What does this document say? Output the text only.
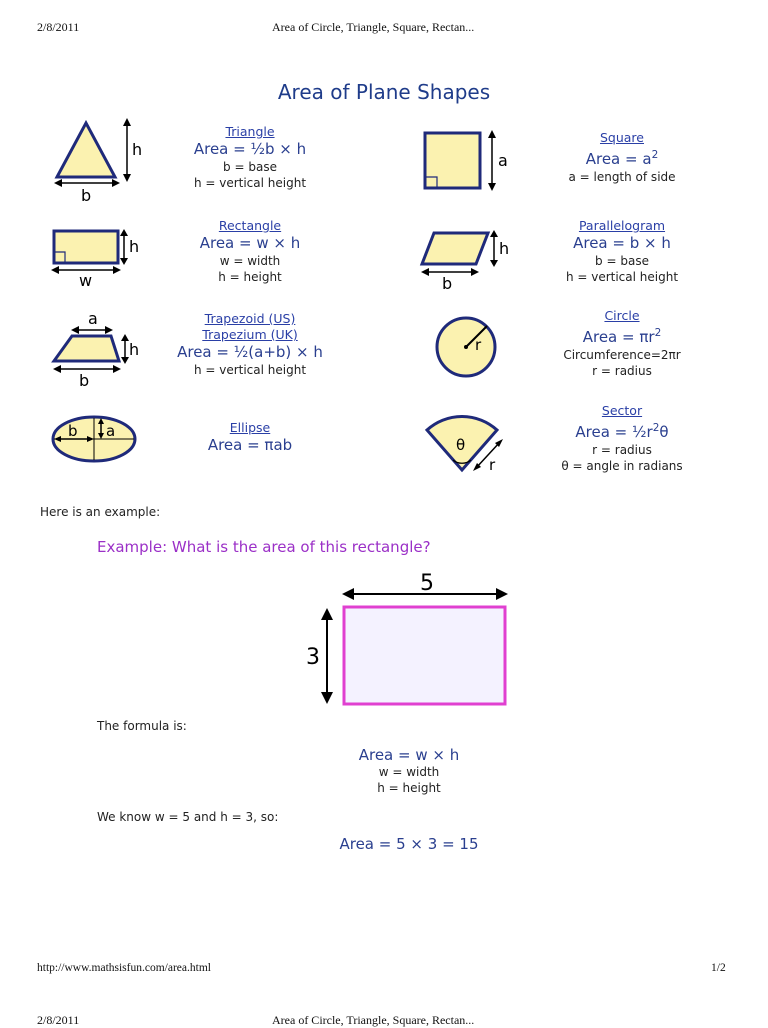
2/8/2011	Area of Circle, Triangle, Square, Rectan...
Area of Plane Shapes
h
b
Triangle
Area = ½b × h
b = base
h = vertical height
a
Square
Area = $a^2$
a = length of side
h
w
Rectangle
Area = w × h
w = width
h = height
h
b
Parallelogram
Area = b × h
b = base
h = vertical height
a
h
b
Trapezoid (US)
Trapezium (UK)
Area = ½(a+b) × h
h = vertical height
r
Circle
Area = $\pi r^2$
Circumference=2πr
r = radius
b a	Ellipse
Area = πab	θ
r
Sector
Area = $\frac{1}{2}r^2\theta$
r = radius
θ = angle in radians
Here is an example:
Example: What is the area of this rectangle?
5
3
The formula is:
Area = w × h
w = width
h = height
We know w = 5 and h = 3, so:
Area = 5 × 3 = 15
http://www.mathsisfun.com/area.html	1/2
2/8/2011	Area of Circle, Triangle, Square, Rectan...
